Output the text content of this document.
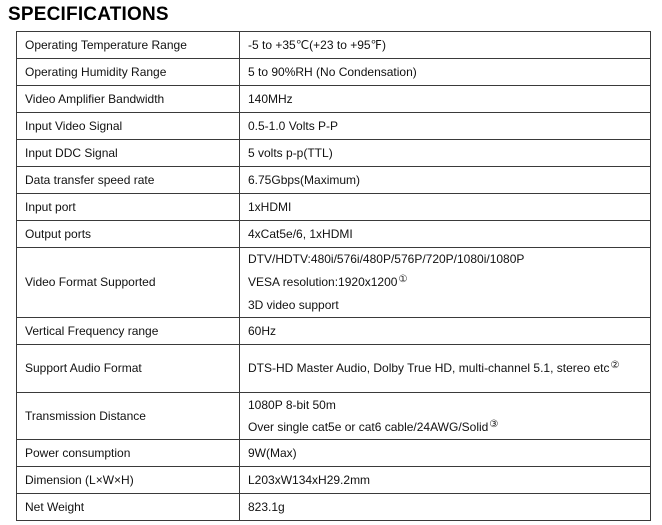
SPECIFICATIONS
Operating Temperature Range	-5 to +35℃(+23 to +95℉)

Operating Humidity Range	5 to 90%RH (No Condensation)

Video Amplifier Bandwidth	140MHz

Input Video Signal	0.5-1.0 Volts P-P

Input DDC Signal	5 volts p-p(TTL)

Data transfer speed rate	6.75Gbps(Maximum)

Input port	1xHDMI

Output ports	4xCat5e/6, 1xHDMI

Video Format Supported	DTV/HDTV:480i/576i/480P/576P/720P/1080i/1080P
VESA resolution:1920x1200①
3D video support

Vertical Frequency range	60Hz

Support Audio Format	DTS-HD Master Audio, Dolby True HD, multi-channel 5.1, stereo etc②

Transmission Distance	1080P 8-bit 50m
Over single cat5e or cat6 cable/24AWG/Solid③

Power consumption	9W(Max)

Dimension (L×W×H)	L203xW134xH29.2mm

Net Weight	823.1g
